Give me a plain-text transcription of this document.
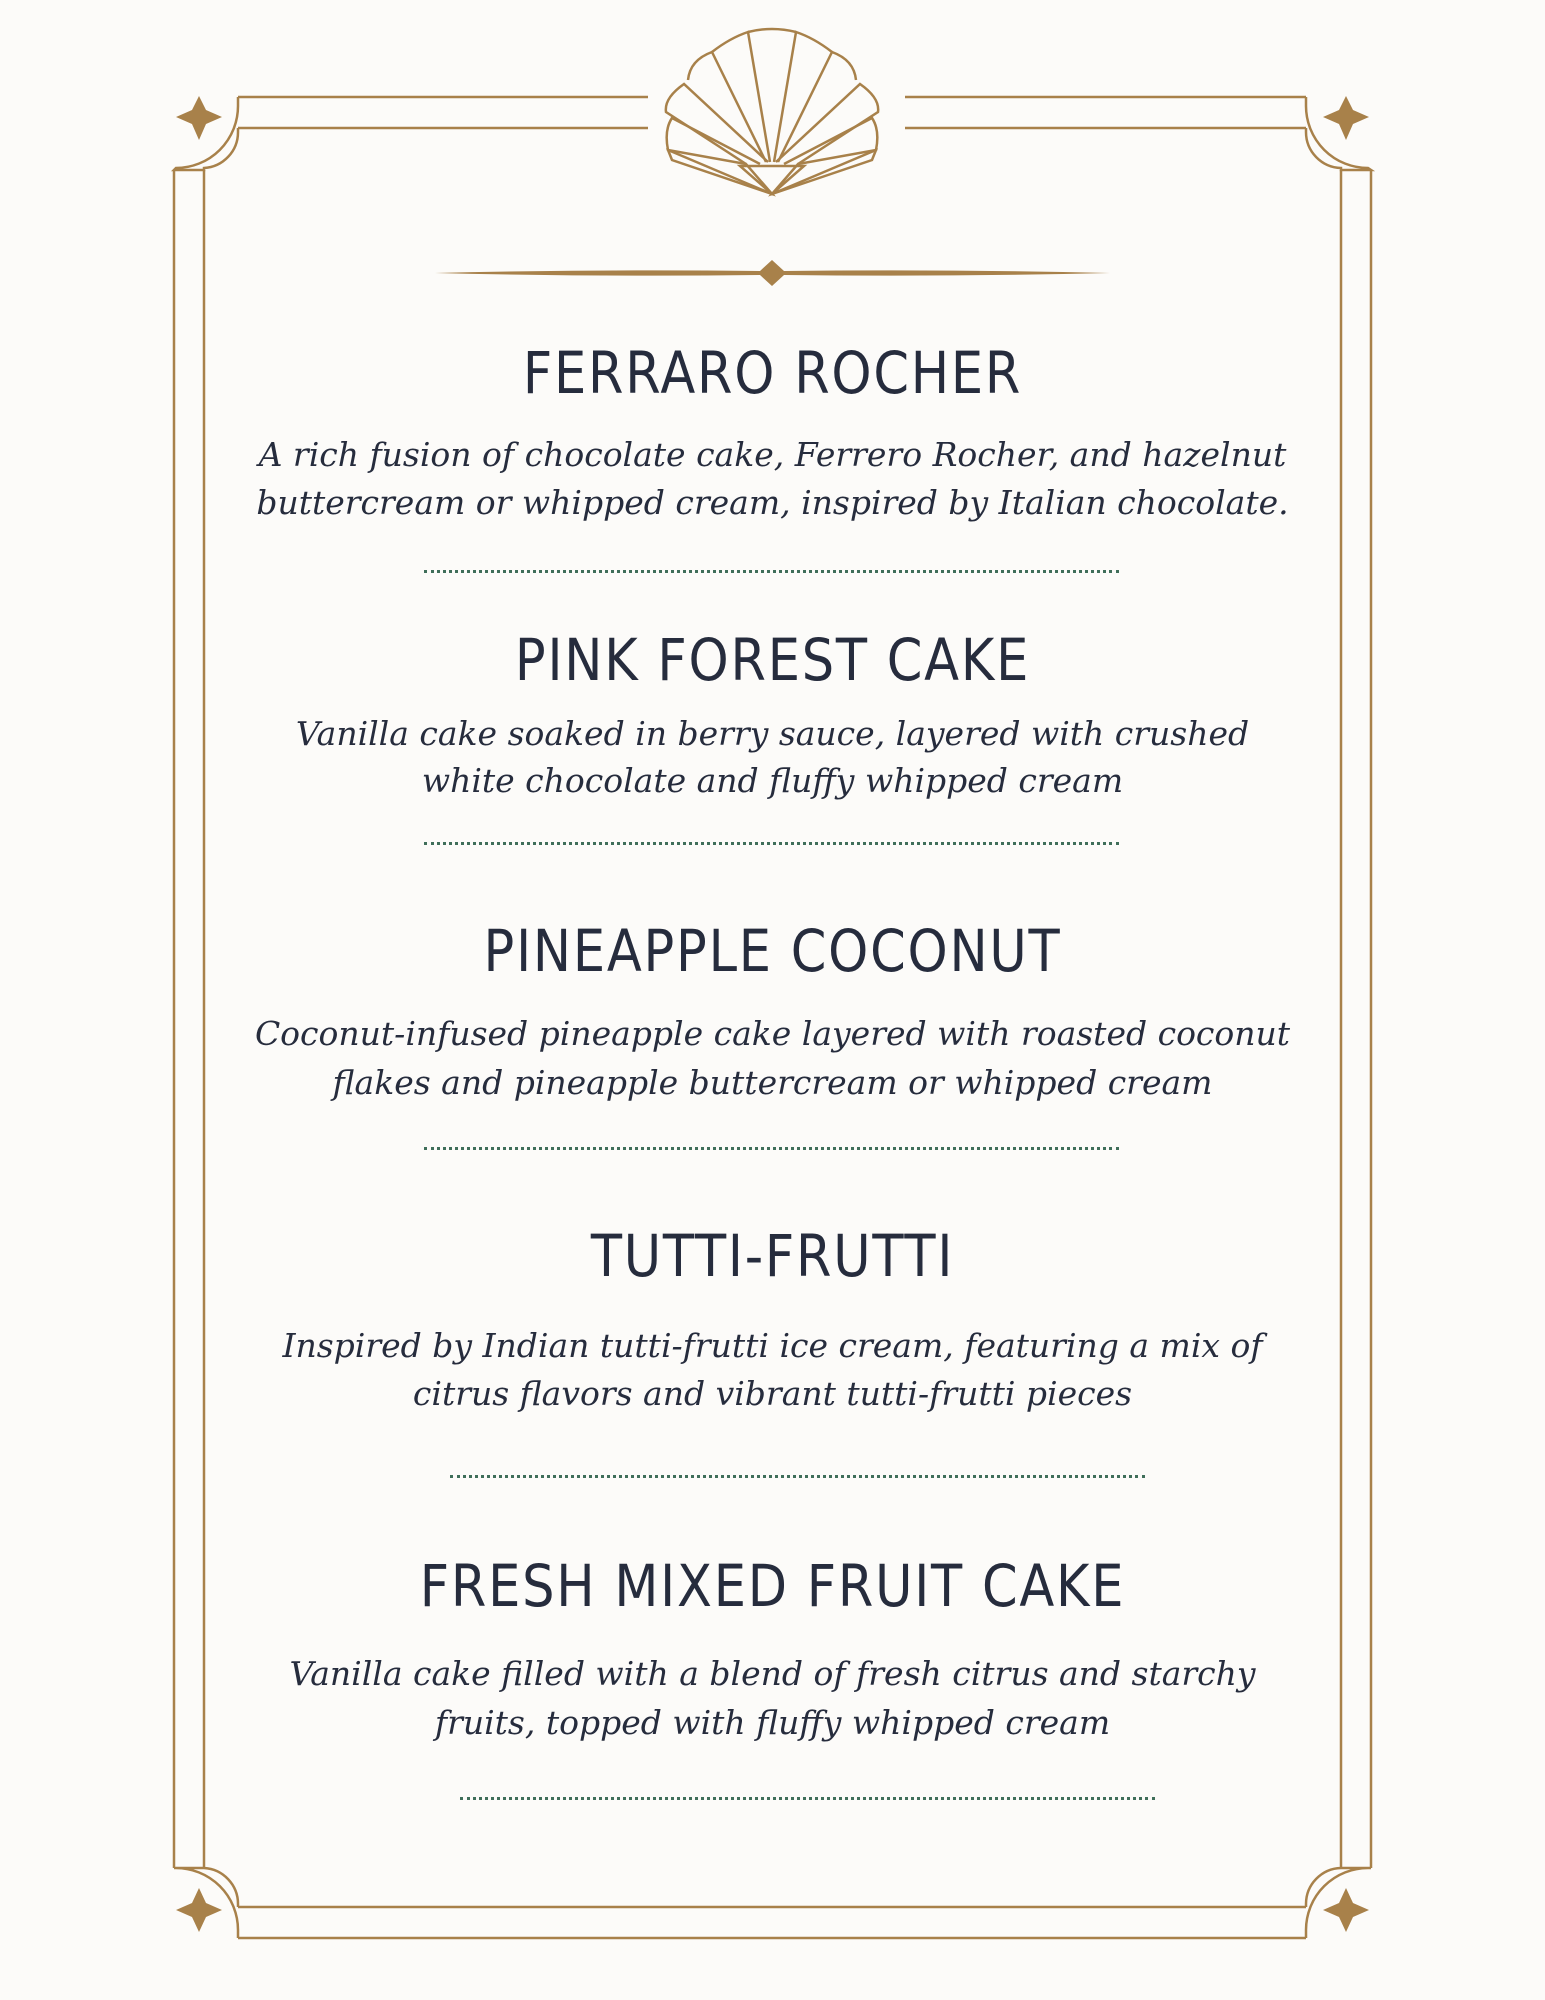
FERRARO ROCHER
A rich fusion of chocolate cake, Ferrero Rocher, and hazelnut
buttercream or whipped cream, inspired by Italian chocolate.
PINK FOREST CAKE
Vanilla cake soaked in berry sauce, layered with crushed
white chocolate and fluffy whipped cream
PINEAPPLE COCONUT
Coconut-infused pineapple cake layered with roasted coconut
flakes and pineapple buttercream or whipped cream
TUTTI-FRUTTI
Inspired by Indian tutti-frutti ice cream, featuring a mix of
citrus flavors and vibrant tutti-frutti pieces
FRESH MIXED FRUIT CAKE
Vanilla cake filled with a blend of fresh citrus and starchy
fruits, topped with fluffy whipped cream
